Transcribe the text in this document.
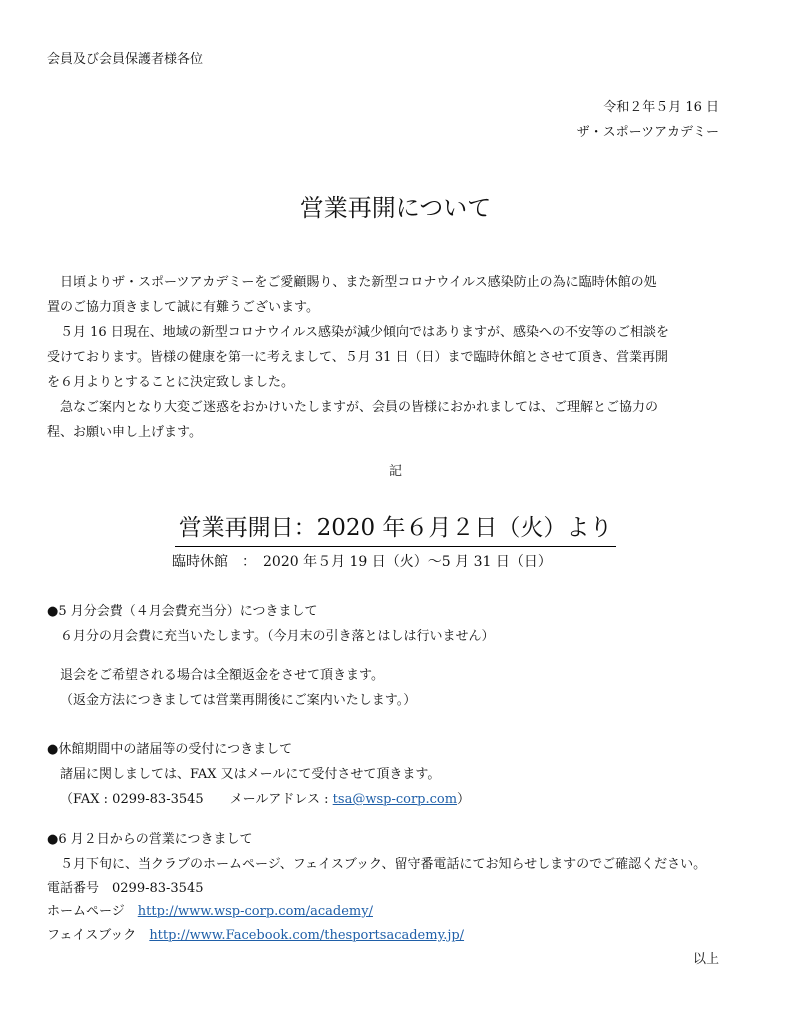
会員及び会員保護者様各位
令和２年５月 16 日
ザ・スポーツアカデミー
営業再開について

　日頃よりザ・スポーツアカデミーをご愛顧賜り、また新型コロナウイルス感染防止の為に臨時休館の処

置のご協力頂きまして誠に有難うございます。

　５月 16 日現在、地域の新型コロナウイルス感染が減少傾向ではありますが、感染への不安等のご相談を

受けております。皆様の健康を第一に考えまして、５月 31 日（日）まで臨時休館とさせて頂き、営業再開

を６月よりとすることに決定致しました。

　急なご案内となり大変ご迷惑をおかけいたしますが、会員の皆様におかれましては、ご理解とご協力の

程、お願い申し上げます。

記
営業再開日：2020 年６月２日（火）より
臨時休館　：　2020 年５月 19 日（火）～5 月 31 日（日）
●5 月分会費（４月会費充当分）につきまして
６月分の月会費に充当いたします。（今月末の引き落とはしは行いません）
退会をご希望される場合は全額返金をさせて頂きます。
（返金方法につきましては営業再開後にご案内いたします。）
●休館期間中の諸届等の受付につきまして
諸届に関しましては、FAX 又はメールにて受付させて頂きます。
（FAX : 0299-83-3545　　メールアドレス : tsa@wsp-corp.com）
●6 月２日からの営業につきまして
５月下旬に、当クラブのホームページ、フェイスブック、留守番電話にてお知らせしますのでご確認ください。
電話番号　0299-83-3545
ホームページ　http://www.wsp-corp.com/academy/
フェイスブック　http://www.Facebook.com/thesportsacademy.jp/
以上
